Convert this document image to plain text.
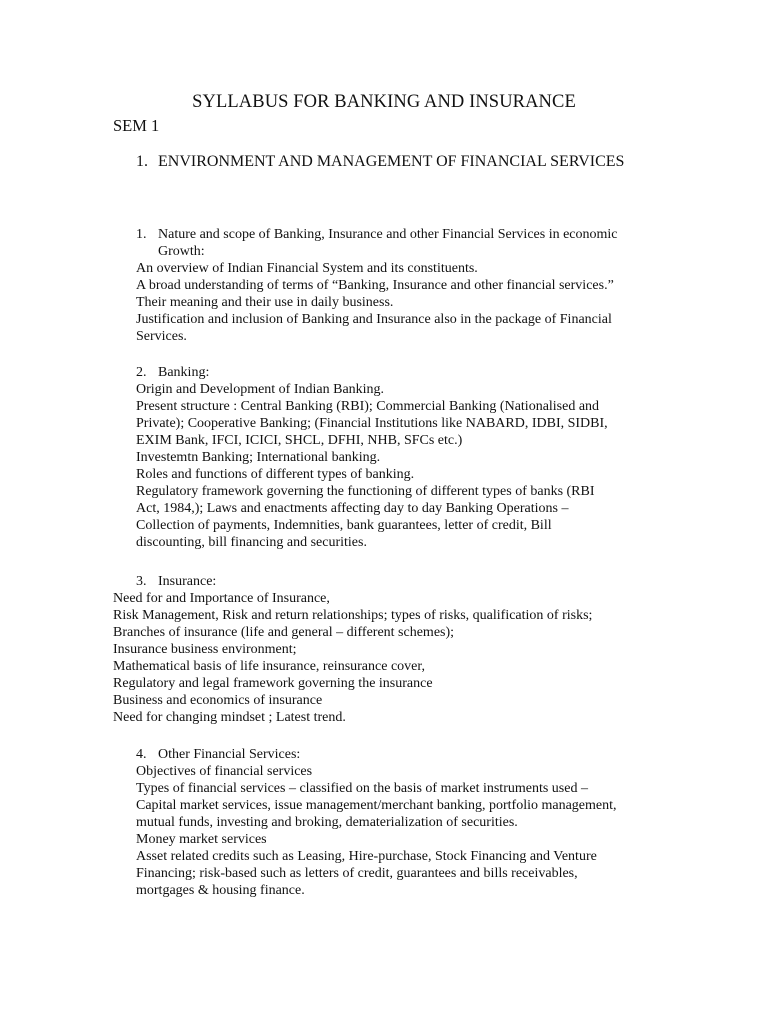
SYLLABUS FOR BANKING AND INSURANCE

SEM 1

1. ENVIRONMENT AND MANAGEMENT OF FINANCIAL SERVICES
1. Nature and scope of Banking, Insurance and other Financial Services in economic
Growth:
An overview of Indian Financial System and its constituents.
A broad understanding of terms of “Banking, Insurance and other financial services.”
Their meaning and their use in daily business.
Justification and inclusion of Banking and Insurance also in the package of Financial
Services.
2. Banking:
Origin and Development of Indian Banking.
Present structure : Central Banking (RBI); Commercial Banking (Nationalised and
Private); Cooperative Banking; (Financial Institutions like NABARD, IDBI, SIDBI,
EXIM Bank, IFCI, ICICI, SHCL, DFHI, NHB, SFCs etc.)
Investemtn Banking; International banking.
Roles and functions of different types of banking.
Regulatory framework governing the functioning of different types of banks (RBI
Act, 1984,); Laws and enactments affecting day to day Banking Operations –
Collection of payments, Indemnities, bank guarantees, letter of credit, Bill
discounting, bill financing and securities.
3. Insurance:
Need for and Importance of Insurance,
Risk Management, Risk and return relationships; types of risks, qualification of risks;
Branches of insurance (life and general – different schemes);
Insurance business environment;
Mathematical basis of life insurance, reinsurance cover,
Regulatory and legal framework governing the insurance
Business and economics of insurance
Need for changing mindset ; Latest trend.
4. Other Financial Services:
Objectives of financial services
Types of financial services – classified on the basis of market instruments used –
Capital market services, issue management/merchant banking, portfolio management,
mutual funds, investing and broking, dematerialization of securities.
Money market services
Asset related credits such as Leasing, Hire-purchase, Stock Financing and Venture
Financing; risk-based such as letters of credit, guarantees and bills receivables,
mortgages & housing finance.
